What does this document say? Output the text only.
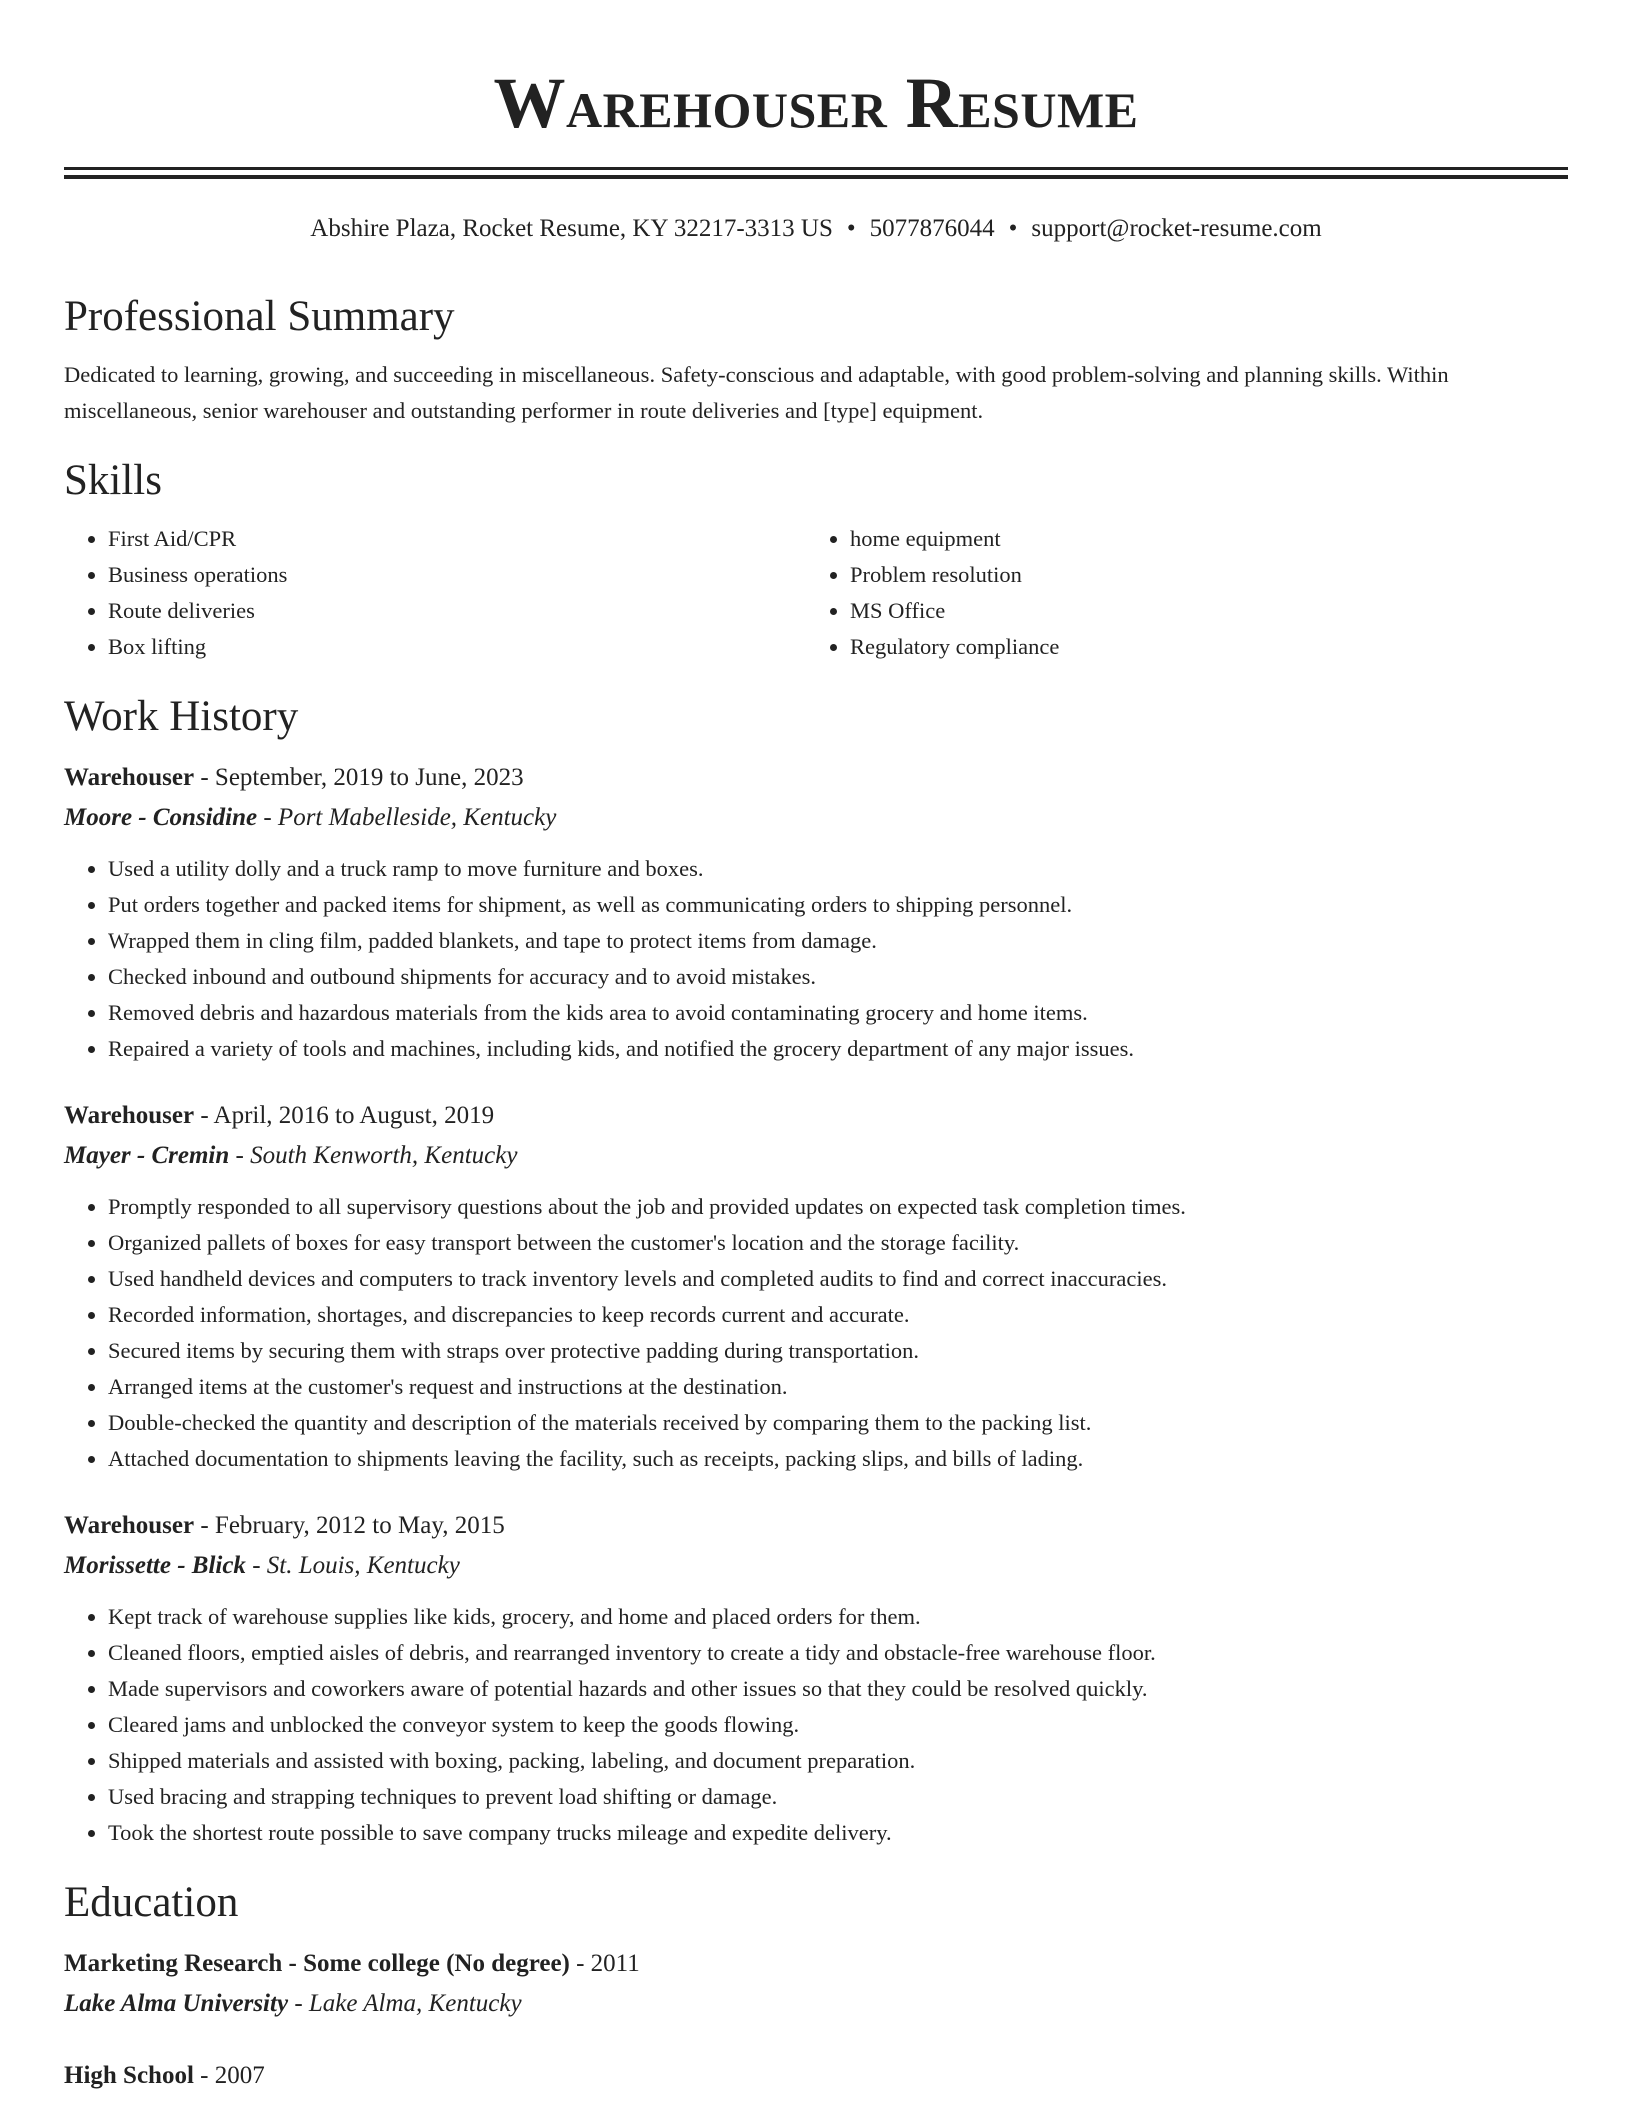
Warehouser Resume
Abshire Plaza, Rocket Resume, KY 32217-3313 US • 5077876044 • support@rocket-resume.com
Professional Summary
Dedicated to learning, growing, and succeeding in miscellaneous. Safety-conscious and adaptable, with good problem-solving and planning skills. Within miscellaneous, senior warehouser and outstanding performer in route deliveries and [type] equipment.
Skills
• First Aid/CPR
• Business operations
• Route deliveries
• Box lifting
• home equipment
• Problem resolution
• MS Office
• Regulatory compliance
Work History
Warehouser - September, 2019 to June, 2023
Moore - Considine - Port Mabelleside, Kentucky
• Used a utility dolly and a truck ramp to move furniture and boxes.
• Put orders together and packed items for shipment, as well as communicating orders to shipping personnel.
• Wrapped them in cling film, padded blankets, and tape to protect items from damage.
• Checked inbound and outbound shipments for accuracy and to avoid mistakes.
• Removed debris and hazardous materials from the kids area to avoid contaminating grocery and home items.
• Repaired a variety of tools and machines, including kids, and notified the grocery department of any major issues.
Warehouser - April, 2016 to August, 2019
Mayer - Cremin - South Kenworth, Kentucky
• Promptly responded to all supervisory questions about the job and provided updates on expected task completion times.
• Organized pallets of boxes for easy transport between the customer's location and the storage facility.
• Used handheld devices and computers to track inventory levels and completed audits to find and correct inaccuracies.
• Recorded information, shortages, and discrepancies to keep records current and accurate.
• Secured items by securing them with straps over protective padding during transportation.
• Arranged items at the customer's request and instructions at the destination.
• Double-checked the quantity and description of the materials received by comparing them to the packing list.
• Attached documentation to shipments leaving the facility, such as receipts, packing slips, and bills of lading.
Warehouser - February, 2012 to May, 2015
Morissette - Blick - St. Louis, Kentucky
• Kept track of warehouse supplies like kids, grocery, and home and placed orders for them.
• Cleaned floors, emptied aisles of debris, and rearranged inventory to create a tidy and obstacle-free warehouse floor.
• Made supervisors and coworkers aware of potential hazards and other issues so that they could be resolved quickly.
• Cleared jams and unblocked the conveyor system to keep the goods flowing.
• Shipped materials and assisted with boxing, packing, labeling, and document preparation.
• Used bracing and strapping techniques to prevent load shifting or damage.
• Took the shortest route possible to save company trucks mileage and expedite delivery.
Education
Marketing Research - Some college (No degree) - 2011
Lake Alma University - Lake Alma, Kentucky
High School - 2007
